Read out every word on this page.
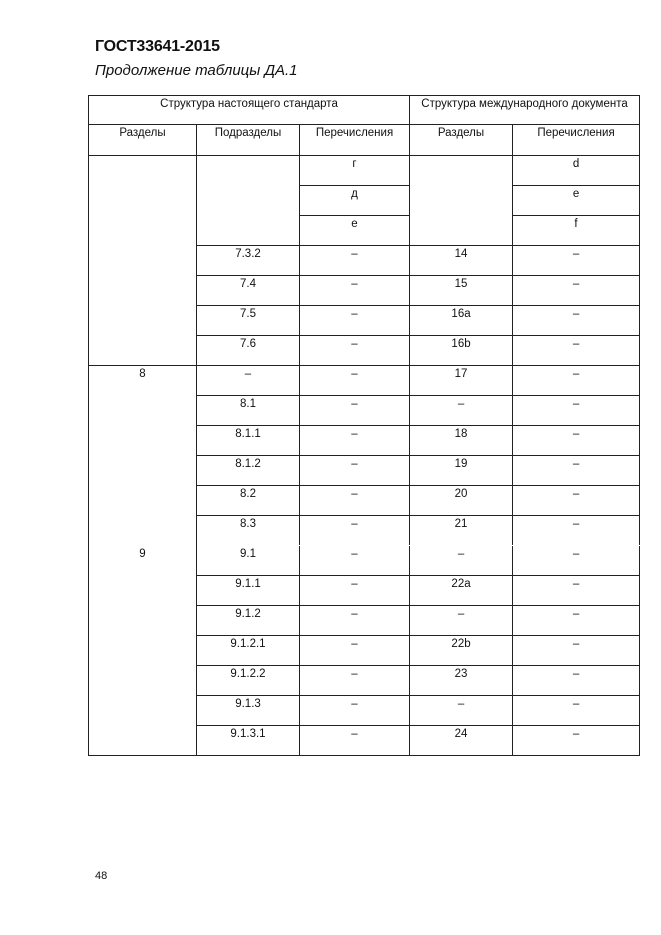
ГОСТ33641-2015
Продолжение таблицы ДА.1
Структура настоящего стандарта			Структура международного документа	
Разделы	Подразделы	Перечисления	Разделы	Перечисления
		г		d
		д		e
		е		f
	7.3.2	–	14	–
	7.4	–	15	–
	7.5	–	16a	–
	7.6	–	16b	–
8	–	–	17	–
	8.1	–	–	–
	8.1.1	–	18	–
	8.1.2	–	19	–
	8.2	–	20	–
	8.3	–	21	–
9	9.1	–	–	–
	9.1.1	–	22a	–
	9.1.2	–	–	–
	9.1.2.1	–	22b	–
	9.1.2.2	–	23	–
	9.1.3	–	–	–
	9.1.3.1	–	24	–
48
